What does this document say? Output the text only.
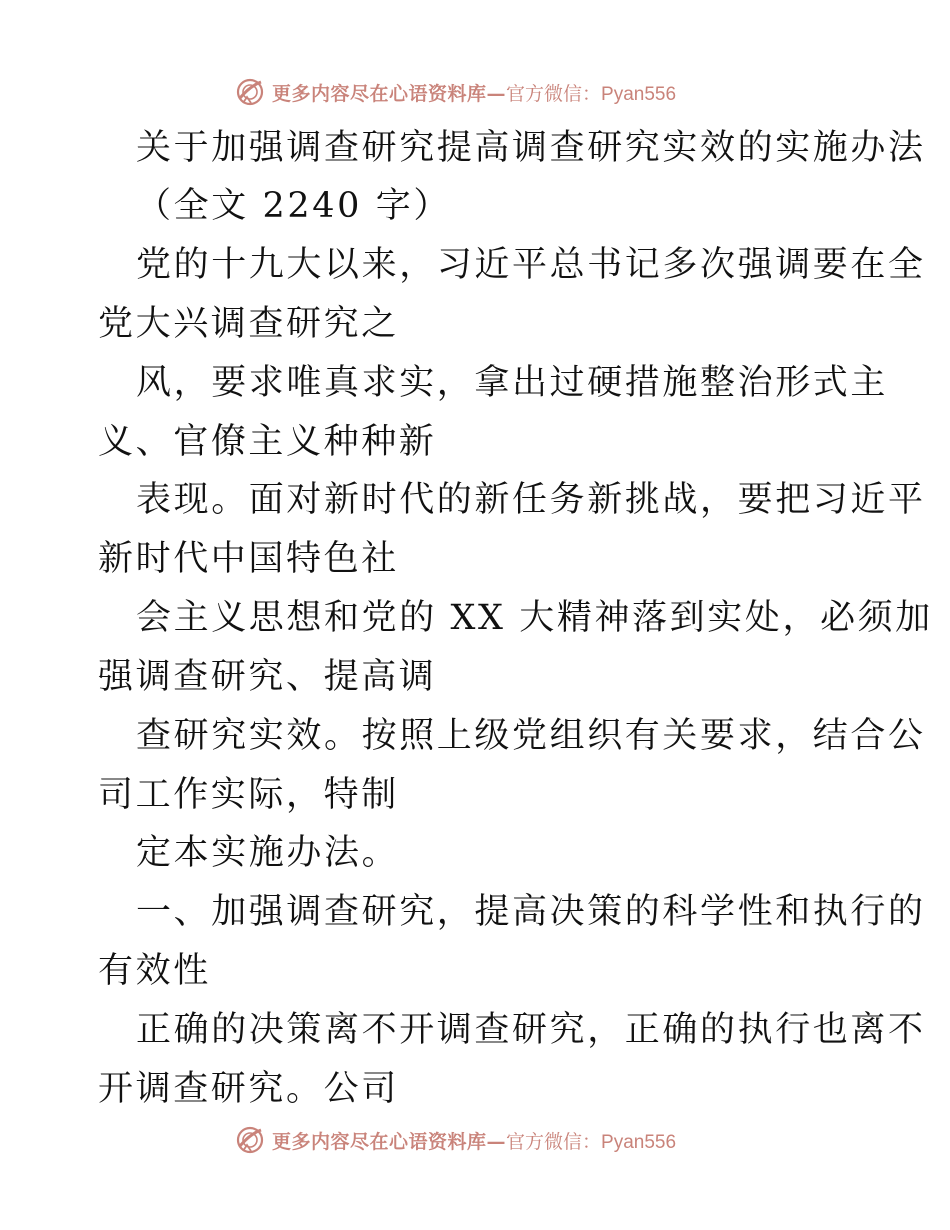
更多内容尽在心语资料库— 官方微信：Pyan556
关于加强调查研究提高调查研究实效的实施办法
（全文 2240 字）
党的十九大以来，习近平总书记多次强调要在全
党大兴调查研究之
风，要求唯真求实，拿出过硬措施整治形式主
义、官僚主义种种新
表现。面对新时代的新任务新挑战，要把习近平
新时代中国特色社
会主义思想和党的 XX 大精神落到实处，必须加
强调查研究、提高调
查研究实效。按照上级党组织有关要求，结合公
司工作实际，特制
定本实施办法。
一、加强调查研究，提高决策的科学性和执行的
有效性
正确的决策离不开调查研究，正确的执行也离不
开调查研究。公司
更多内容尽在心语资料库— 官方微信：Pyan556
